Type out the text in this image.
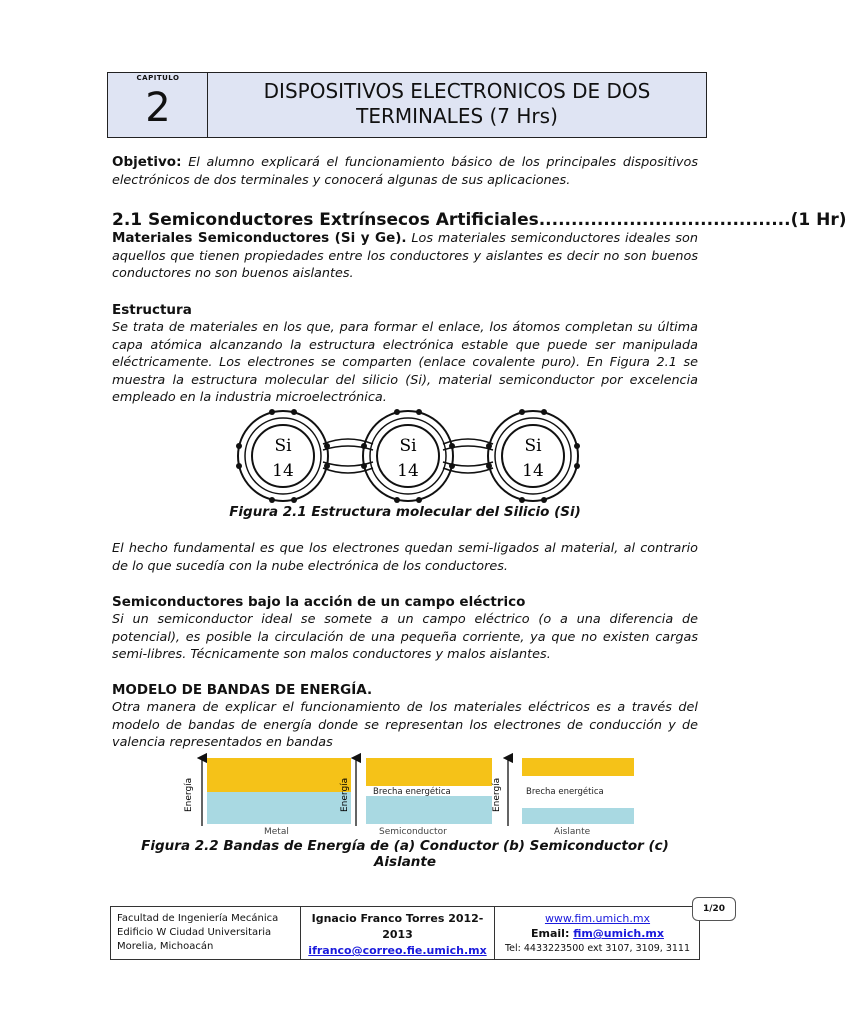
CAPITULO
2	DISPOSITIVOS ELECTRONICOS DE DOS
TERMINALES (7 Hrs)
Objetivo: El alumno explicará el funcionamiento básico de los principales dispositivos electrónicos de dos terminales y conocerá algunas de sus aplicaciones.
2.1 Semiconductores Extrínsecos Artificiales.......................................(1 Hr)
Materiales Semiconductores (Si y Ge). Los materiales semiconductores ideales son aquellos que tienen propiedades entre los conductores y aislantes es decir no son buenos conductores no son buenos aislantes.
Estructura
Se trata de materiales en los que, para formar el enlace, los átomos completan su última capa atómica alcanzando la estructura electrónica estable que puede ser manipulada eléctricamente. Los electrones se comparten (enlace covalente puro). En Figura 2.1 se muestra la estructura molecular del silicio (Si), material semiconductor por excelencia empleado en la industria microelectrónica.
Si
14
Si
14
Si
14
Figura 2.1 Estructura molecular del Silicio (Si)
El hecho fundamental es que los electrones quedan semi-ligados al material, al contrario de lo que sucedía con la nube electrónica de los conductores.
Semiconductores bajo la acción de un campo eléctrico
Si un semiconductor ideal se somete a un campo eléctrico (o a una diferencia de potencial), es posible la circulación de una pequeña corriente, ya que no existen cargas semi-libres. Técnicamente son malos conductores y malos aislantes.
MODELO DE BANDAS DE ENERGÍA.
Otra manera de explicar el funcionamiento de los materiales eléctricos es a través del modelo de bandas de energía donde se representan los electrones de conducción y de valencia representados en bandas
Energía
Metal
Energía	Brecha energética
Semiconductor
Energía	Brecha energética
Aislante
Figura 2.2 Bandas de Energía de (a) Conductor (b) Semiconductor (c) Aislante
Facultad de Ingeniería Mecánica
Edificio W Ciudad Universitaria
Morelia, Michoacán
Ignacio Franco Torres 2012-
2013
ifranco@correo.fie.umich.mx
www.fim.umich.mx
Email: fim@umich.mx
Tel: 4433223500 ext 3107, 3109, 3111
1/20
